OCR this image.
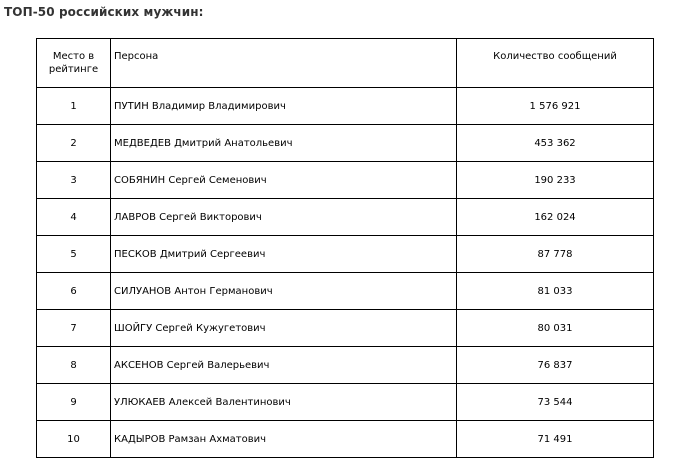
ТОП-50 российских мужчин:
Место в рейтинге	Персона	Количество сообщений
1	ПУТИН Владимир Владимирович	1 576 921
2	МЕДВЕДЕВ Дмитрий Анатольевич	453 362
3	СОБЯНИН Сергей Семенович	190 233
4	ЛАВРОВ Сергей Викторович	162 024
5	ПЕСКОВ Дмитрий Сергеевич	87 778
6	СИЛУАНОВ Антон Германович	81 033
7	ШОЙГУ Сергей Кужугетович	80 031
8	АКСЕНОВ Сергей Валерьевич	76 837
9	УЛЮКАЕВ Алексей Валентинович	73 544
10	КАДЫРОВ Рамзан Ахматович	71 491
